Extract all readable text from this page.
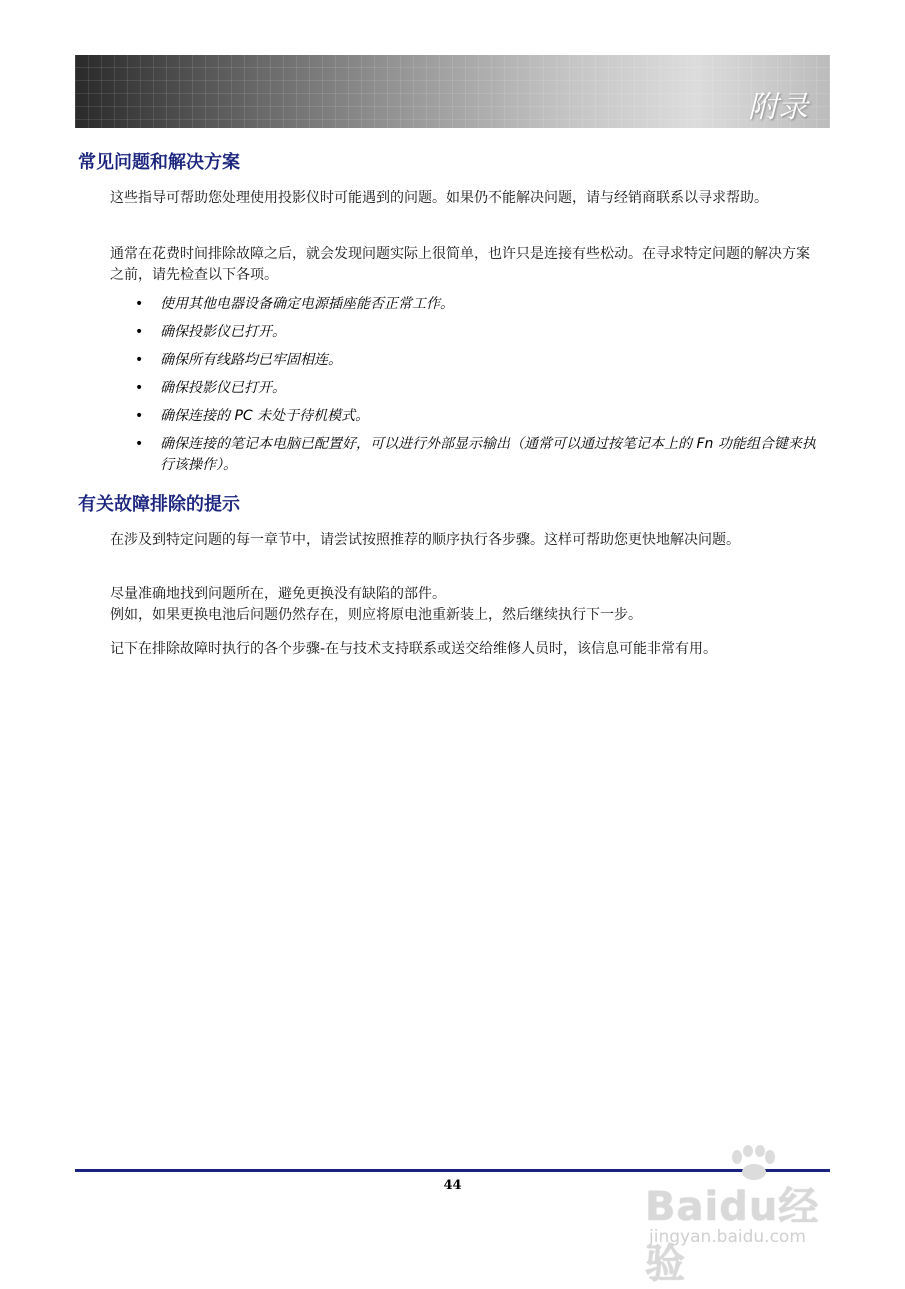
附录
常见问题和解决方案

这些指导可帮助您处理使用投影仪时可能遇到的问题。如果仍不能解决问题，请与经销商联系以寻求帮助。

通常在花费时间排除故障之后，就会发现问题实际上很简单，也许只是连接有些松动。在寻求特定问题的解决方案之前，请先检查以下各项。

• 使用其他电器设备确定电源插座能否正常工作。
• 确保投影仪已打开。
• 确保所有线路均已牢固相连。
• 确保投影仪已打开。
• 确保连接的 PC 未处于待机模式。
• 确保连接的笔记本电脑已配置好，可以进行外部显示输出（通常可以通过按笔记本上的 Fn 功能组合键来执行该操作）。
有关故障排除的提示

在涉及到特定问题的每一章节中，请尝试按照推荐的顺序执行各步骤。这样可帮助您更快地解决问题。

尽量准确地找到问题所在，避免更换没有缺陷的部件。

例如，如果更换电池后问题仍然存在，则应将原电池重新装上，然后继续执行下一步。

记下在排除故障时执行的各个步骤-在与技术支持联系或送交给维修人员时，该信息可能非常有用。

44	Baidu经验
jingyan.baidu.com
